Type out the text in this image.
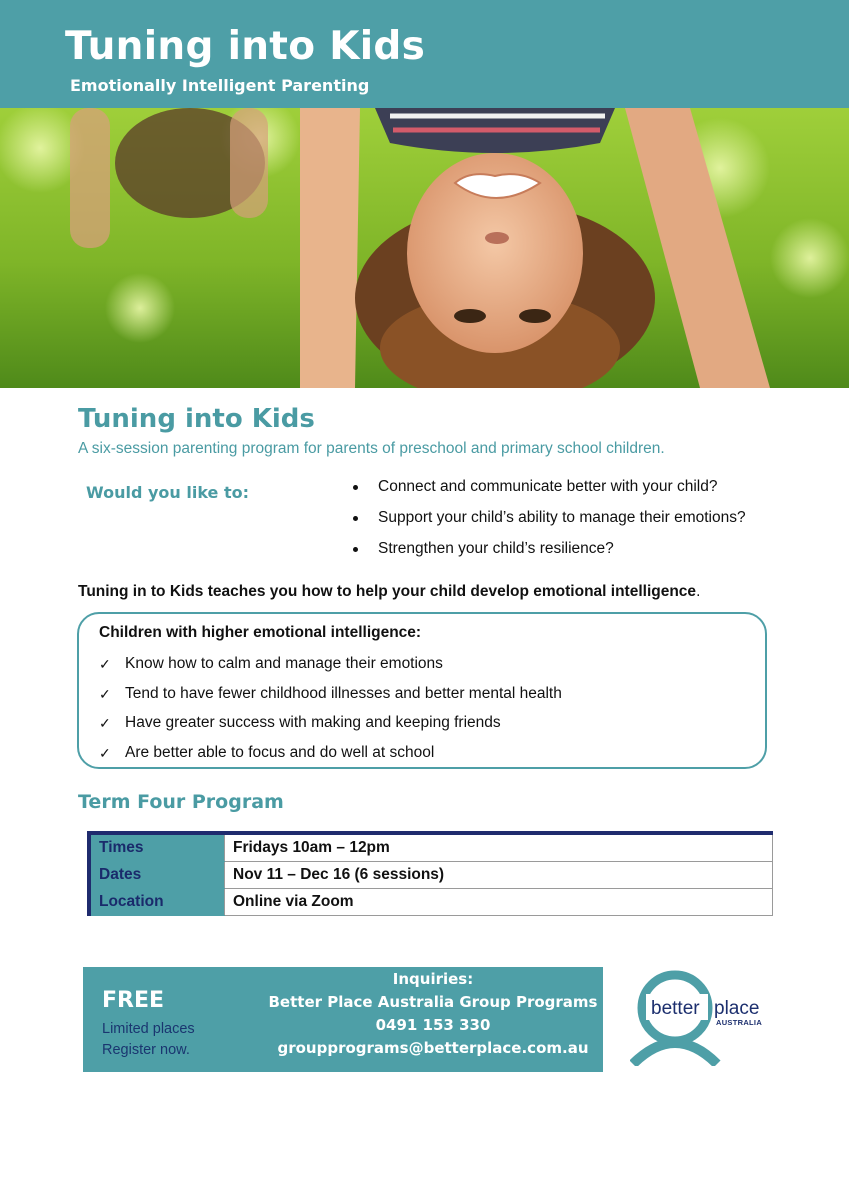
Tuning into Kids
Emotionally Intelligent Parenting
Tuning into Kids
A six-session parenting program for parents of preschool and primary school children.
Would you like to:	Connect and communicate better with your child?
Support your child’s ability to manage their emotions?
Strengthen your child’s resilience?
Tuning in to Kids teaches you how to help your child develop emotional intelligence.
Children with higher emotional intelligence:
✓ Know how to calm and manage their emotions
✓ Tend to have fewer childhood illnesses and better mental health
✓ Have greater success with making and keeping friends
✓ Are better able to focus and do well at school
Term Four Program
Times	Fridays 10am – 12pm
Dates	Nov 11 – Dec 16 (6 sessions)
Location	Online via Zoom
FREE
Limited places
Register now.
Inquiries:
Better Place Australia Group Programs
0491 153 330
groupprograms@betterplace.com.au
better place
AUSTRALIA
